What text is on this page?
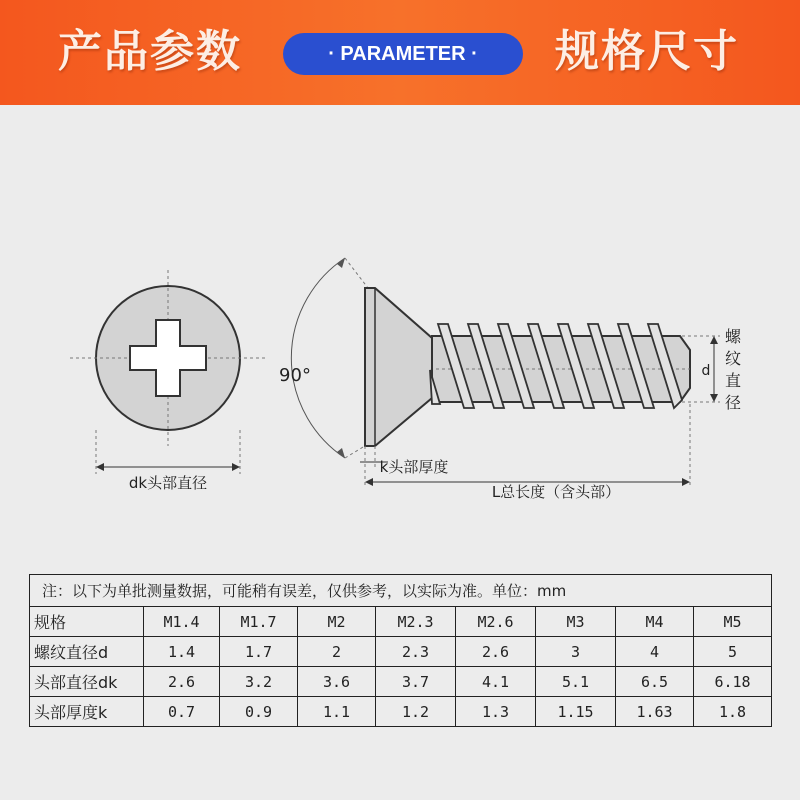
产品参数	· PARAMETER ·	规格尺寸
dk头部直径
90°
k头部厚度
L总长度（含头部）
d
螺
纹
直
径
注：以下为单批测量数据，可能稍有误差，仅供参考，以实际为准。单位：mm								
规格	M1.4	M1.7	M2	M2.3	M2.6	M3	M4	M5
螺纹直径d	1.4	1.7	2	2.3	2.6	3	4	5
头部直径dk	2.6	3.2	3.6	3.7	4.1	5.1	6.5	6.18
头部厚度k	0.7	0.9	1.1	1.2	1.3	1.15	1.63	1.8
